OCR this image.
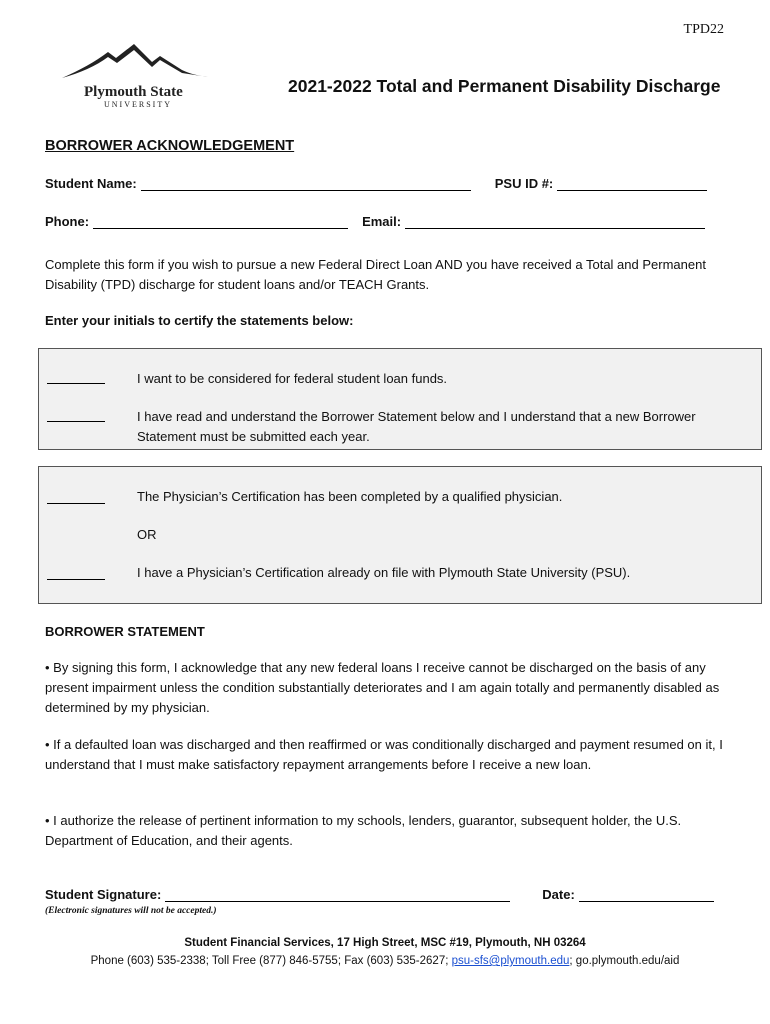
TPD22
Plymouth State
UNIVERSITY
2021-2022 Total and Permanent Disability Discharge
BORROWER ACKNOWLEDGEMENT
Student Name:	PSU ID #:
Phone:	Email:
Complete this form if you wish to pursue a new Federal Direct Loan AND you have received a Total and Permanent Disability (TPD) discharge for student loans and/or TEACH Grants.
Enter your initials to certify the statements below:
I want to be considered for federal student loan funds.
I have read and understand the Borrower Statement below and I understand that a new Borrower Statement must be submitted each year.
The Physician’s Certification has been completed by a qualified physician.
OR
I have a Physician’s Certification already on file with Plymouth State University (PSU).
BORROWER STATEMENT
• By signing this form, I acknowledge that any new federal loans I receive cannot be discharged on the basis of any present impairment unless the condition substantially deteriorates and I am again totally and permanently disabled as determined by my physician.
• If a defaulted loan was discharged and then reaffirmed or was conditionally discharged and payment resumed on it, I understand that I must make satisfactory repayment arrangements before I receive a new loan.
• I authorize the release of pertinent information to my schools, lenders, guarantor, subsequent holder, the U.S. Department of Education, and their agents.
Student Signature:	Date:
(Electronic signatures will not be accepted.)
Student Financial Services, 17 High Street, MSC #19, Plymouth, NH 03264
Phone (603) 535-2338; Toll Free (877) 846-5755; Fax (603) 535-2627; psu-sfs@plymouth.edu; go.plymouth.edu/aid
